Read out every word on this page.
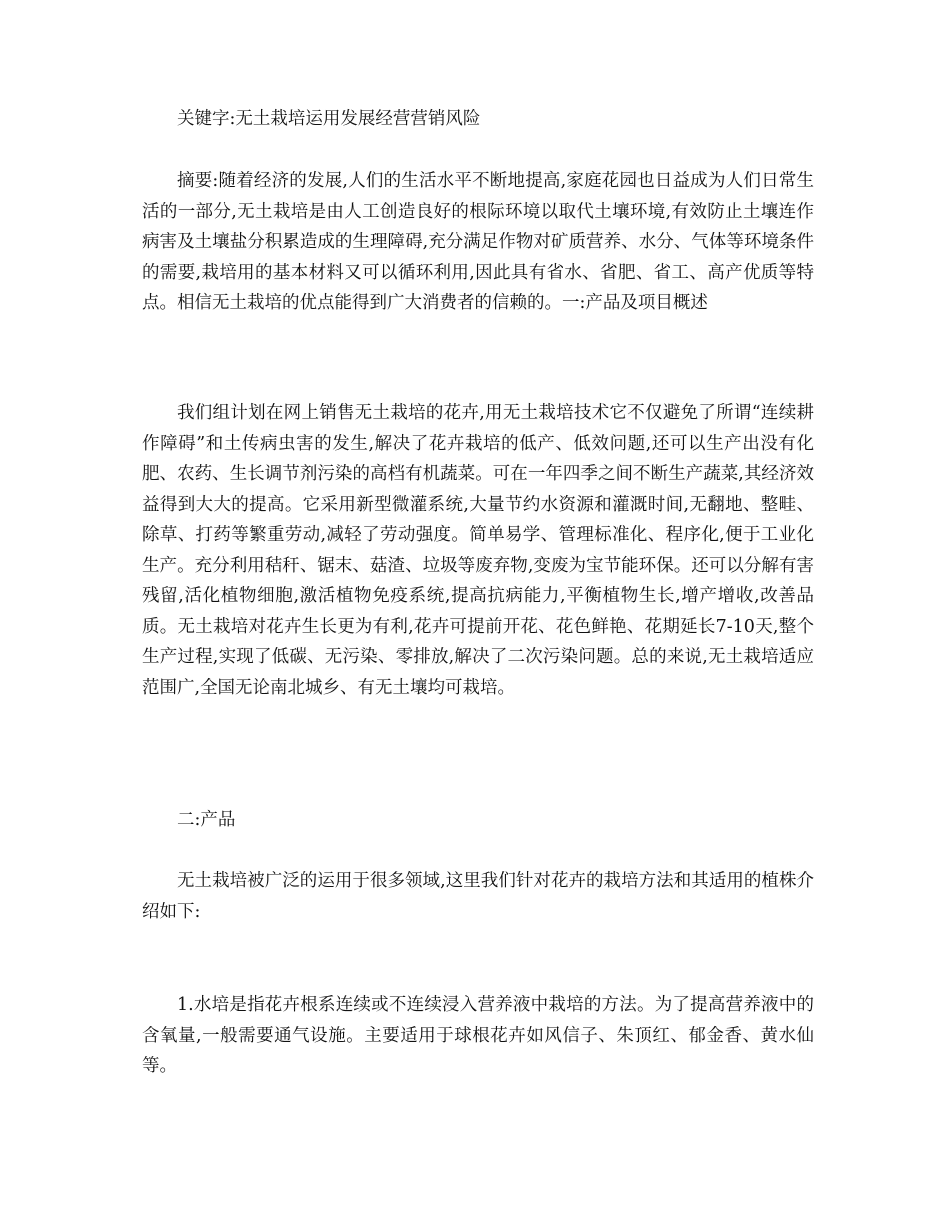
关键字:无土栽培运用发展经营营销风险

摘要:随着经济的发展,人们的生活水平不断地提高,家庭花园也日益成为人们日常生活的一部分,无土栽培是由人工创造良好的根际环境以取代土壤环境,有效防止土壤连作病害及土壤盐分积累造成的生理障碍,充分满足作物对矿质营养、水分、气体等环境条件的需要,栽培用的基本材料又可以循环利用,因此具有省水、省肥、省工、高产优质等特点。相信无土栽培的优点能得到广大消费者的信赖的。一:产品及项目概述

我们组计划在网上销售无土栽培的花卉,用无土栽培技术它不仅避免了所谓“连续耕作障碍”和土传病虫害的发生,解决了花卉栽培的低产、低效问题,还可以生产出没有化肥、农药、生长调节剂污染的高档有机蔬菜。可在一年四季之间不断生产蔬菜,其经济效益得到大大的提高。它采用新型微灌系统,大量节约水资源和灌溉时间,无翻地、整畦、除草、打药等繁重劳动,减轻了劳动强度。简单易学、管理标准化、程序化,便于工业化生产。充分利用秸秆、锯末、菇渣、垃圾等废弃物,变废为宝节能环保。还可以分解有害残留,活化植物细胞,激活植物免疫系统,提高抗病能力,平衡植物生长,增产增收,改善品质。无土栽培对花卉生长更为有利,花卉可提前开花、花色鲜艳、花期延长7-10天,整个生产过程,实现了低碳、无污染、零排放,解决了二次污染问题。总的来说,无土栽培适应范围广,全国无论南北城乡、有无土壤均可栽培。

二:产品

无土栽培被广泛的运用于很多领域,这里我们针对花卉的栽培方法和其适用的植株介绍如下:

1.水培是指花卉根系连续或不连续浸入营养液中栽培的方法。为了提高营养液中的含氧量,一般需要通气设施。主要适用于球根花卉如风信子、朱顶红、郁金香、黄水仙等。
